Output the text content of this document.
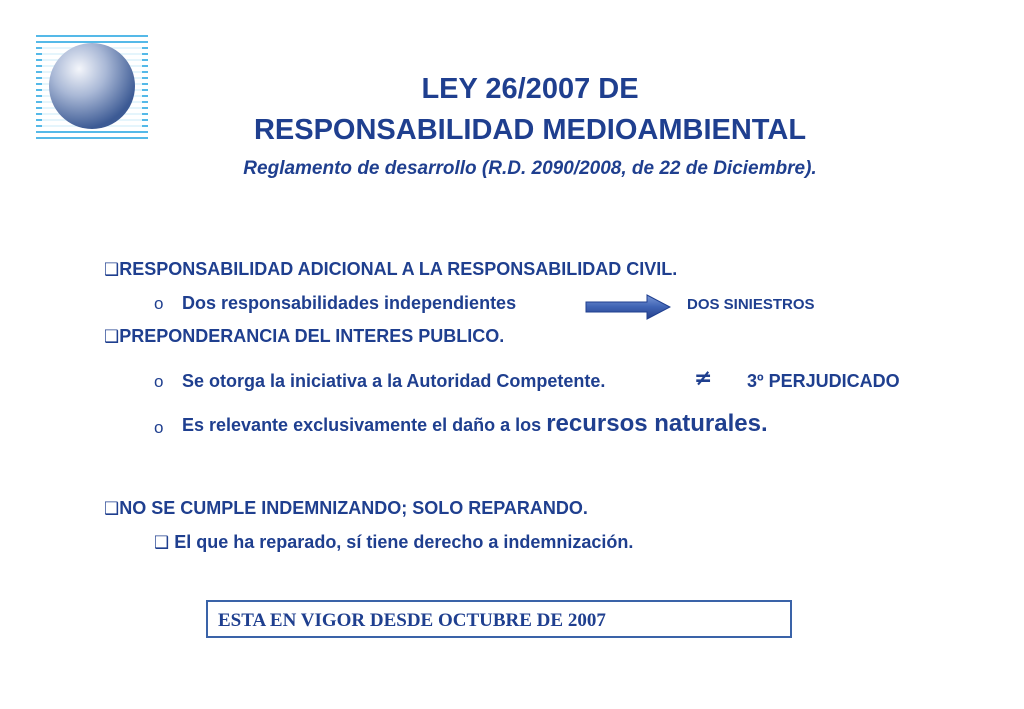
LEY 26/2007 DE
RESPONSABILIDAD MEDIOAMBIENTAL
Reglamento de desarrollo (R.D. 2090/2008, de 22 de Diciembre).
❑RESPONSABILIDAD ADICIONAL A LA RESPONSABILIDAD CIVIL.
o Dos responsabilidades independientes	DOS SINIESTROS
❑PREPONDERANCIA DEL INTERES PUBLICO.
o Se otorga la iniciativa a la Autoridad Competente.	≠ 3º PERJUDICADO
o Es relevante exclusivamente el daño a los recursos naturales.
❑NO SE CUMPLE INDEMNIZANDO; SOLO REPARANDO.
❑ El que ha reparado, sí tiene derecho a indemnización.
ESTA EN VIGOR DESDE OCTUBRE DE 2007
